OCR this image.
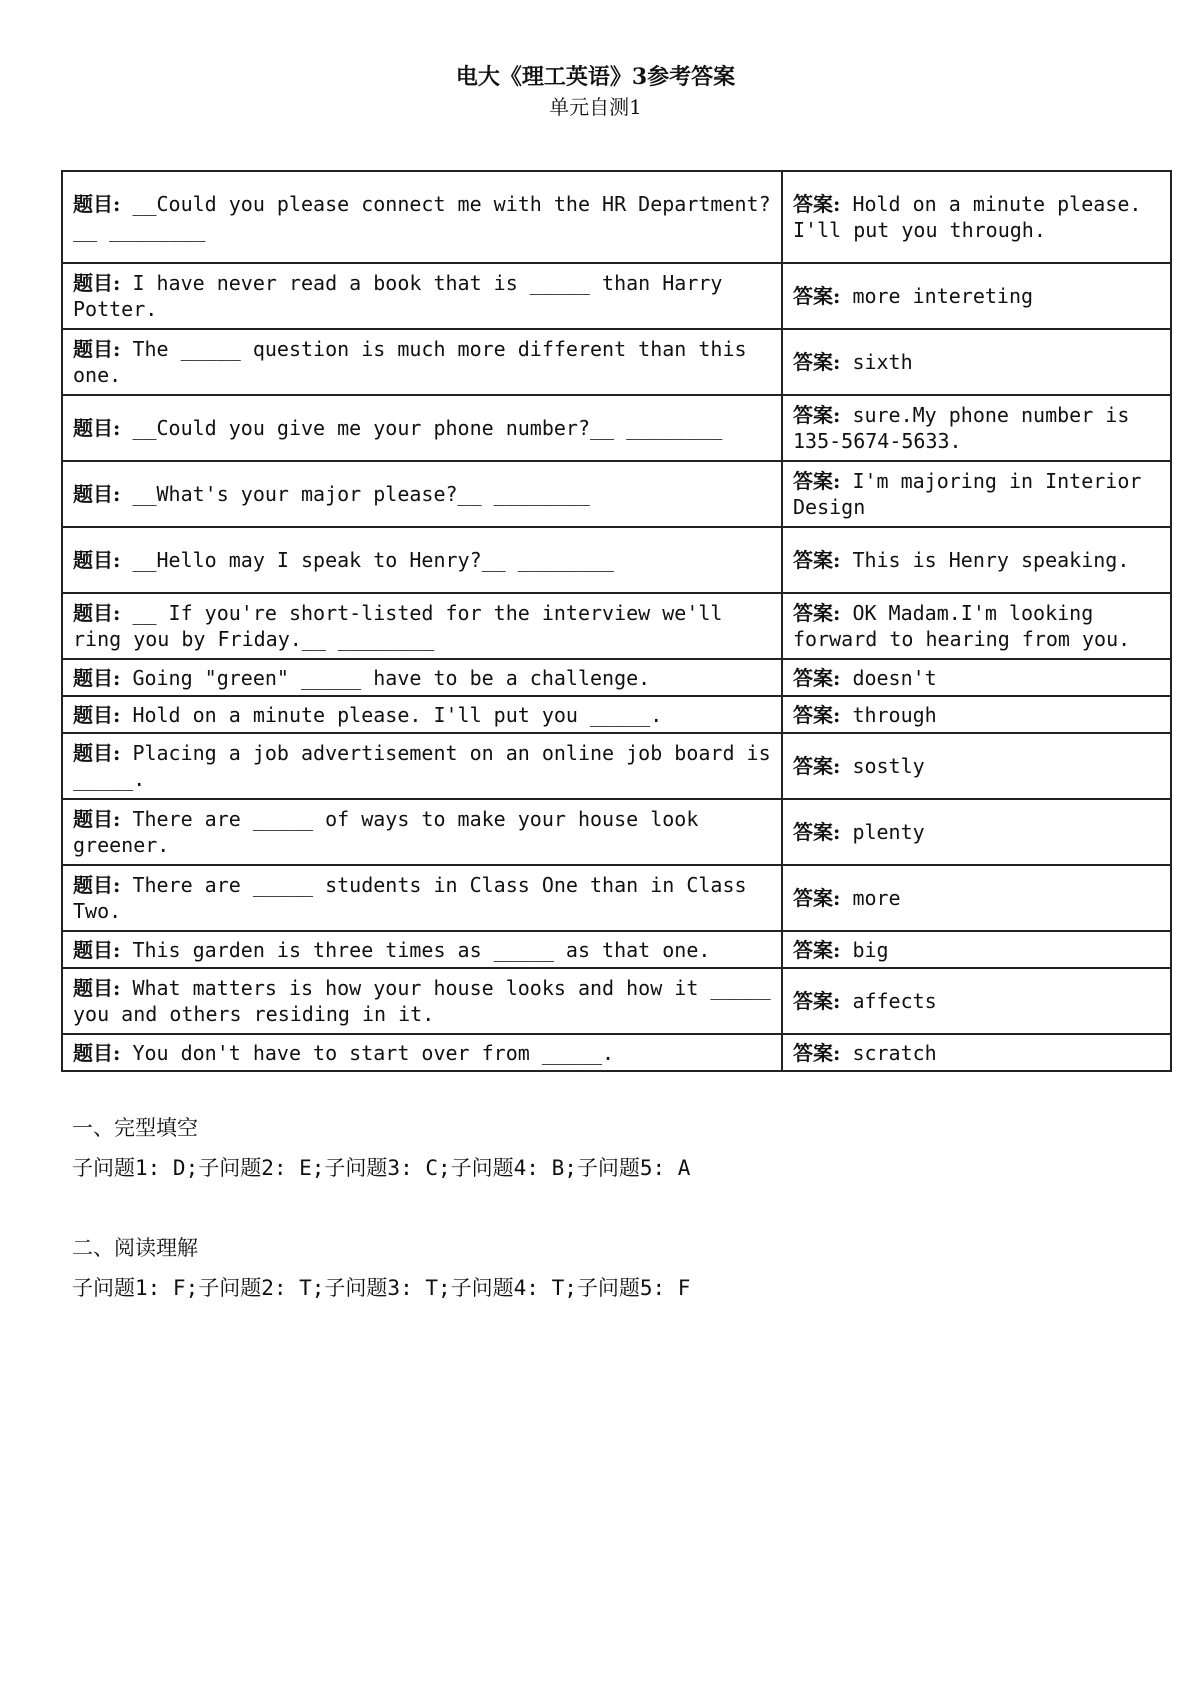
电大《理工英语》3参考答案
单元自测1
题目: __Could you please connect me with the HR Department?__ ________	答案: Hold on a minute please. I'll put you through.
题目: I have never read a book that is _____ than Harry Potter.	答案: more intereting
题目: The _____ question is much more different than this one.	答案: sixth
题目: __Could you give me your phone number?__ ________	答案: sure.My phone number is 135-5674-5633.
题目: __What's your major please?__ ________	答案: I'm majoring in Interior Design
题目: __Hello may I speak to Henry?__ ________	答案: This is Henry speaking.
题目: __ If you're short-listed for the interview we'll ring you by Friday.__ ________	答案: OK Madam.I'm looking forward to hearing from you.
题目: Going "green" _____ have to be a challenge.	答案: doesn't
题目: Hold on a minute please. I'll put you _____.	答案: through
题目: Placing a job advertisement on an online job board is _____.	答案: sostly
题目: There are _____ of ways to make your house look greener.	答案: plenty
题目: There are _____ students in Class One than in Class Two.	答案: more
题目: This garden is three times as _____ as that one.	答案: big
题目: What matters is how your house looks and how it _____ you and others residing in it.	答案: affects
题目: You don't have to start over from _____.	答案: scratch
一、完型填空
子问题1: D;子问题2: E;子问题3: C;子问题4: B;子问题5: A
二、阅读理解
子问题1: F;子问题2: T;子问题3: T;子问题4: T;子问题5: F
